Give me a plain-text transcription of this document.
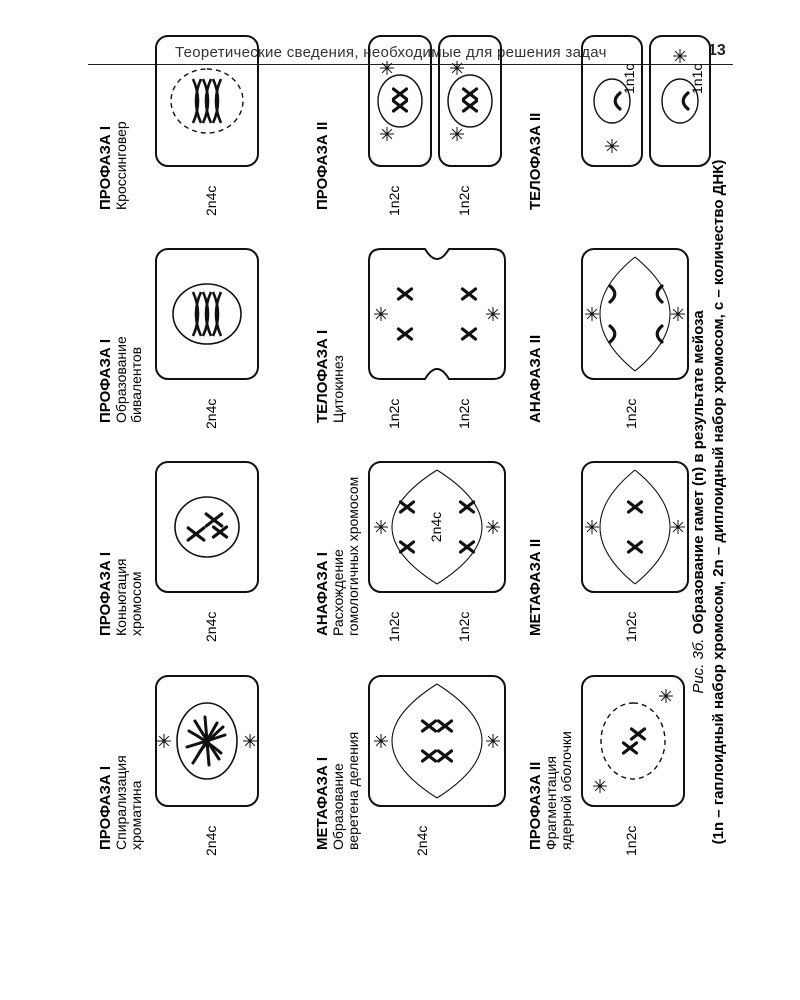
Теоретические сведения, необходимые для решения задач	13
ПРОФАЗА I Спирализация хроматина	2n4c
ПРОФАЗА I Коньюгация хромосом	2n4c
ПРОФАЗА I Образование бивалентов	2n4c
ПРОФАЗА I Кроссинговер	2n4c
МЕТАФАЗА I Образование веретена деления	2n4c
АНАФАЗА I Расхождение гомологичных хромосом 1n2c	1n2c
2n4c
ТЕЛОФАЗА I Цитокинез	1n2c	1n2c
ПРОФАЗА II	1n2c	1n2c
ПРОФАЗА II Фрагментация ядерной оболочки	1n2c
МЕТАФАЗА II	1n2c
АНАФАЗА II	1n2c
ТЕЛОФАЗА II
1n1c	1n1c
Рис. 3б. Образование гамет (n) в результате мейоза (1n – гаплоидный набор хромосом, 2n – диплоидный набор хромосом, c – количество ДНК)
